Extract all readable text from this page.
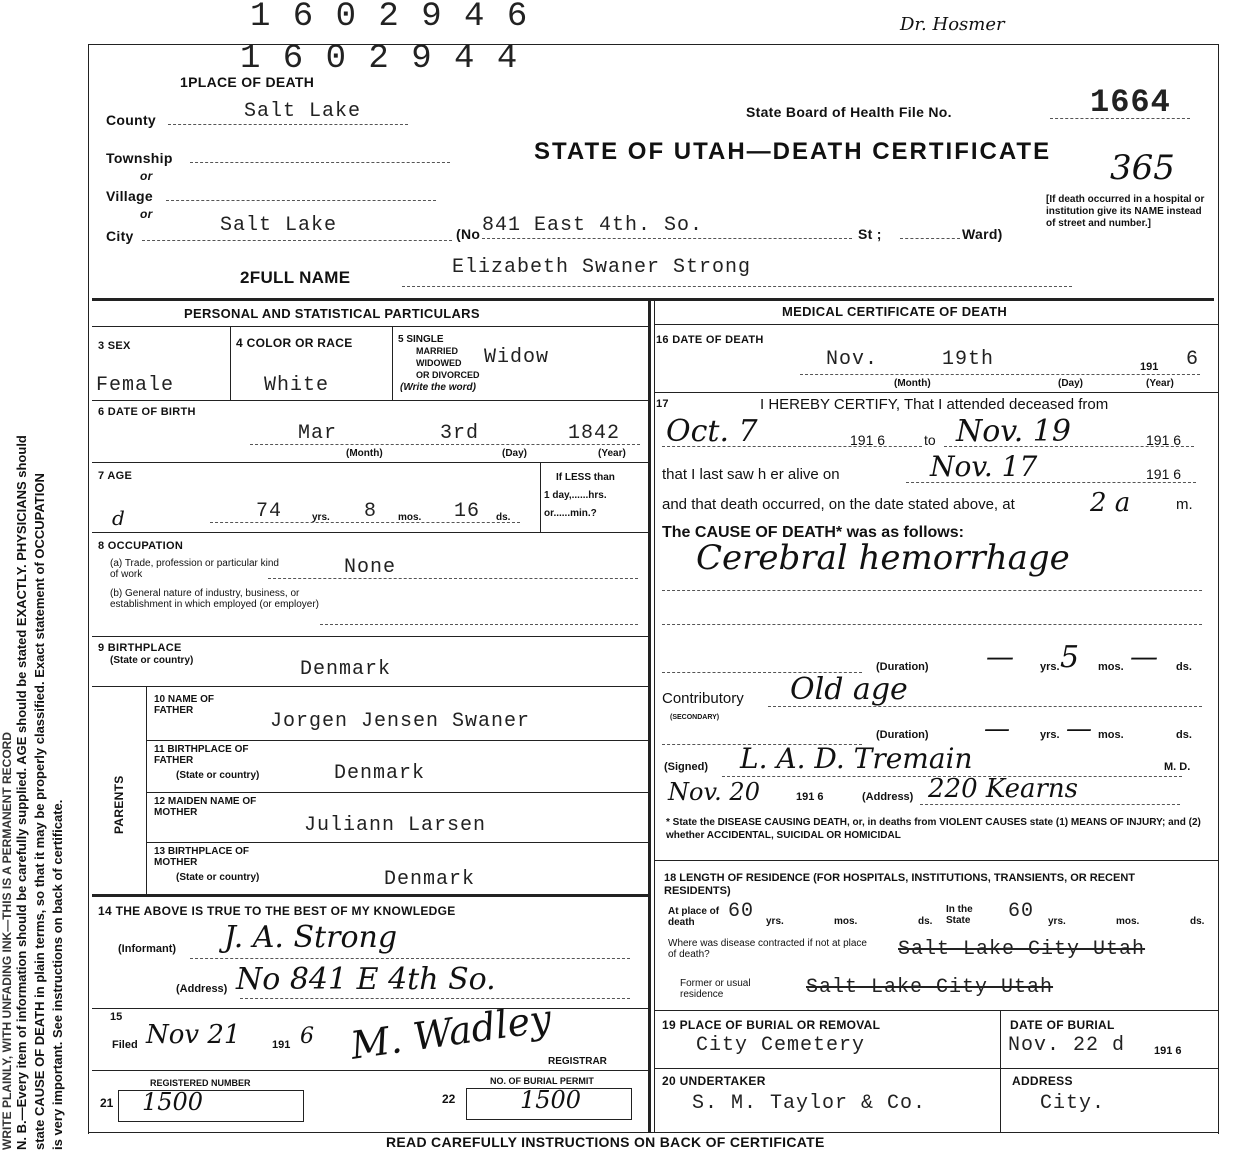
N. B.—Every item of information should be carefully supplied. AGE should be stated EXACTLY. PHYSICIANS should state CAUSE OF DEATH in plain terms, so that it may be properly classified. Exact statement of OCCUPATION is very important. See instructions on back of certificate.
WRITE PLAINLY, WITH UNFADING INK—THIS IS A PERMANENT RECORD
1 6 0 2 9 4 6
1 6 0 2 9 4 4
Dr. Hosmer
365
1PLACE OF DEATH
County	Salt Lake
Township
or
Village
or
City	Salt Lake	(No 841 East 4th. So.	St ;	Ward)
State Board of Health File No.	1664
STATE OF UTAH—DEATH CERTIFICATE
[If death occurred in a hospital or institution give its NAME instead of street and number.]
2FULL NAME	Elizabeth Swaner Strong
PERSONAL AND STATISTICAL PARTICULARS
3 SEX
Female
4 COLOR OR RACE
White
5 SINGLE
MARRIED
WIDOWED
OR DIVORCED
(Write the word)
Widow
6 DATE OF BIRTH
Mar	3rd	1842
(Month)	(Day)	(Year)
7 AGE
d	74	yrs. 8 mos. 16 ds.
If LESS than
1 day,......hrs.
or......min.?
8 OCCUPATION
(a) Trade, profession or particular kind of work	None
(b) General nature of industry, business, or establishment in which employed (or employer)
9 BIRTHPLACE
(State or country)	Denmark
PARENTS
10 NAME OF FATHER	Jorgen Jensen Swaner
11 BIRTHPLACE OF FATHER
(State or country)	Denmark
12 MAIDEN NAME OF MOTHER
Juliann Larsen
13 BIRTHPLACE OF MOTHER
(State or country)	Denmark
14 THE ABOVE IS TRUE TO THE BEST OF MY KNOWLEDGE
(Informant) J. A. Strong
(Address) No 841 E 4th So.
15
Filed Nov 21	191 6 M. Wadley
REGISTRAR
21
REGISTERED NUMBER
1500	22
NO. OF BURIAL PERMIT
1500
MEDICAL CERTIFICATE OF DEATH
16 DATE OF DEATH
Nov.	19th	191 6
(Month)	(Day)	(Year)
17	I HEREBY CERTIFY, That I attended deceased from
Oct. 7	191 6	to Nov. 19	191 6
that I last saw h er alive on	Nov. 17	191 6
and that death occurred, on the date stated above, at	2 a	m.
The CAUSE OF DEATH* was as follows:
Cerebral hemorrhage
(Duration) — yrs. 5 mos. — ds.
Contributory
(SECONDARY)
Old age
(Duration) —	yrs. — mos.	ds.
(Signed) L. A. D. Tremain	M. D.
Nov. 20	191 6	(Address) 220 Kearns
* State the DISEASE CAUSING DEATH, or, in deaths from VIOLENT CAUSES state (1) MEANS OF INJURY; and (2) whether ACCIDENTAL, SUICIDAL OR HOMICIDAL
18 LENGTH OF RESIDENCE (FOR HOSPITALS, INSTITUTIONS, TRANSIENTS, OR RECENT RESIDENTS)
At place of death	60 yrs.	mos.	ds.
In the State	60 yrs.	mos.	ds.
Where was disease contracted if not at place of death?	Salt Lake City Utah
Former or usual residence	Salt Lake City Utah
19 PLACE OF BURIAL OR REMOVAL
City Cemetery
DATE OF BURIAL
Nov. 22 d	191 6
20 UNDERTAKER
S. M. Taylor & Co.
ADDRESS
City.
READ CAREFULLY INSTRUCTIONS ON BACK OF CERTIFICATE
